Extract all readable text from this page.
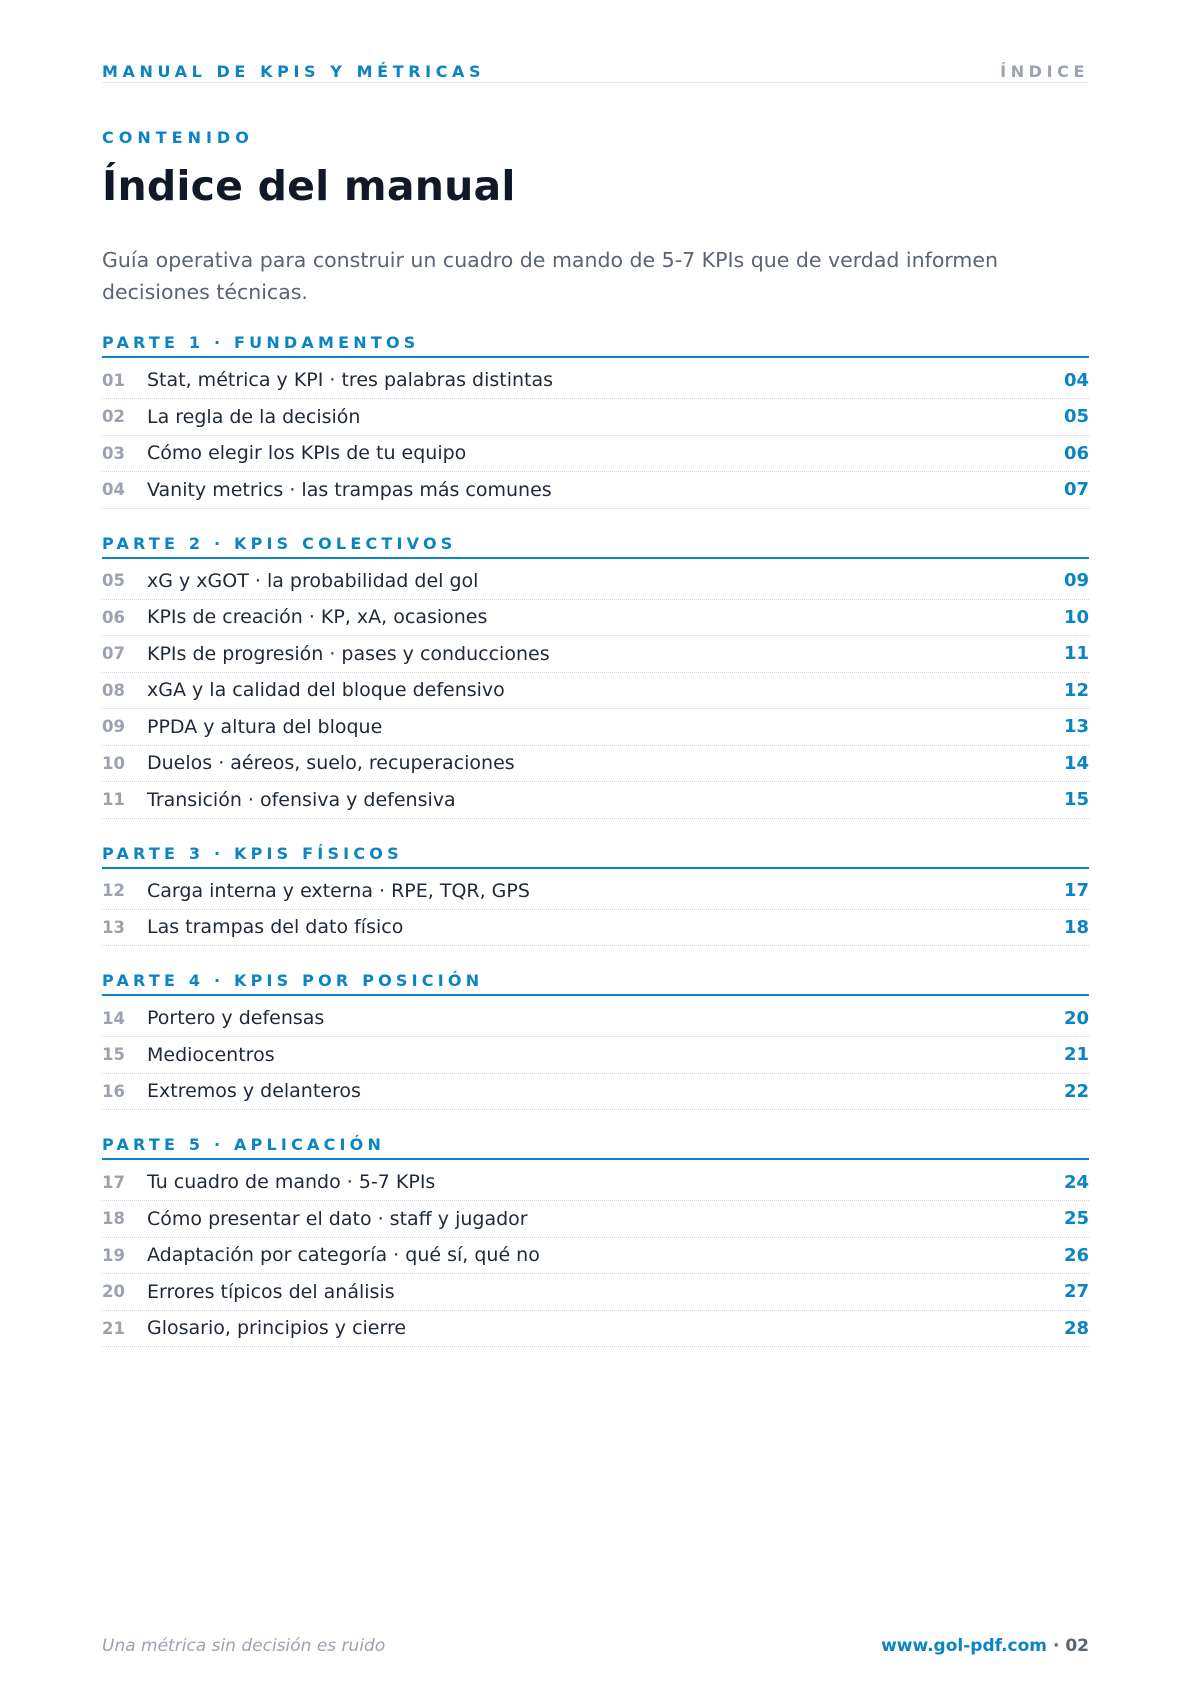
MANUAL DE KPIS Y MÉTRICAS	ÍNDICE
CONTENIDO
Índice del manual

Guía operativa para construir un cuadro de mando de 5-7 KPIs que de verdad informen decisiones técnicas.

PARTE 1 · FUNDAMENTOS
01	Stat, métrica y KPI · tres palabras distintas	04
02	La regla de la decisión	05
03	Cómo elegir los KPIs de tu equipo	06
04	Vanity metrics · las trampas más comunes	07
PARTE 2 · KPIS COLECTIVOS
05	xG y xGOT · la probabilidad del gol	09
06	KPIs de creación · KP, xA, ocasiones	10
07	KPIs de progresión · pases y conducciones	11
08	xGA y la calidad del bloque defensivo	12
09	PPDA y altura del bloque	13
10	Duelos · aéreos, suelo, recuperaciones	14
11	Transición · ofensiva y defensiva	15
PARTE 3 · KPIS FÍSICOS
12	Carga interna y externa · RPE, TQR, GPS	17
13	Las trampas del dato físico	18
PARTE 4 · KPIS POR POSICIÓN
14	Portero y defensas	20
15	Mediocentros	21
16	Extremos y delanteros	22
PARTE 5 · APLICACIÓN
17	Tu cuadro de mando · 5-7 KPIs	24
18	Cómo presentar el dato · staff y jugador	25
19	Adaptación por categoría · qué sí, qué no	26
20	Errores típicos del análisis	27
21	Glosario, principios y cierre	28
Una métrica sin decisión es ruido	www.gol-pdf.com · 02
